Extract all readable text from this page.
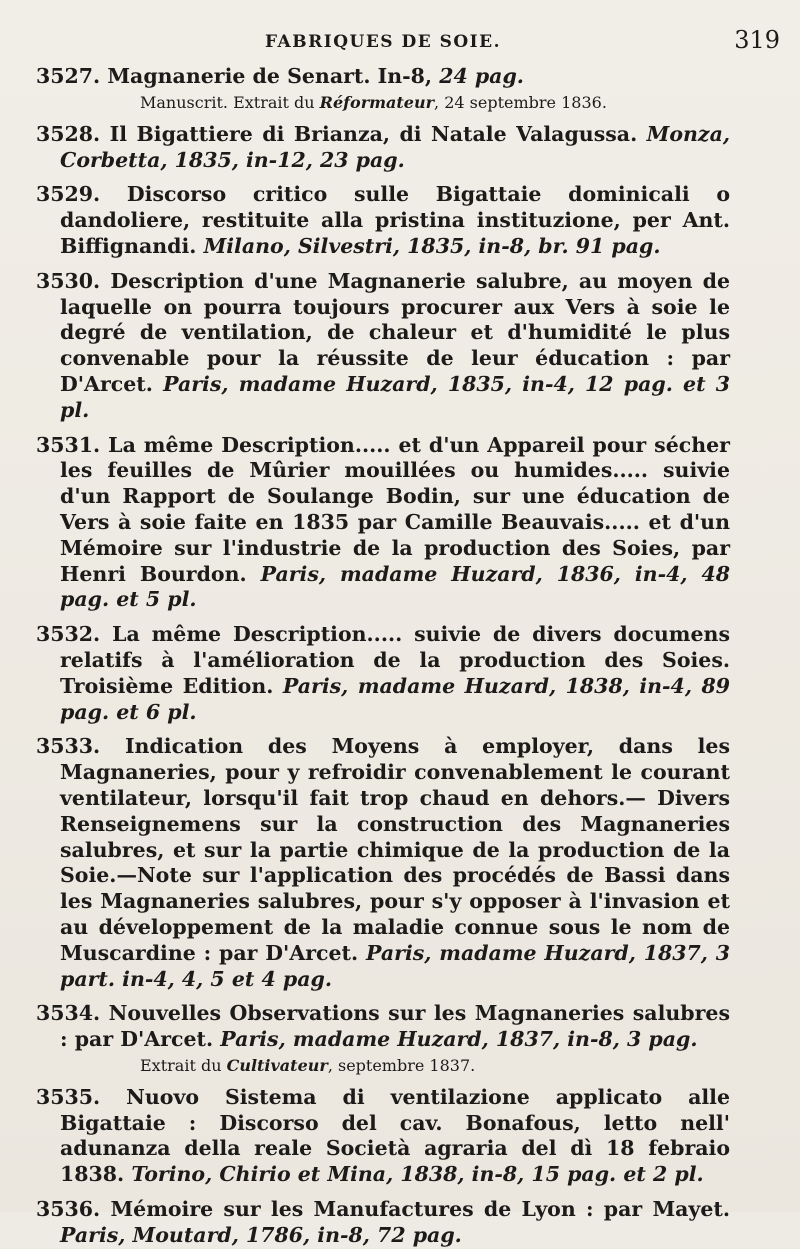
FABRIQUES DE SOIE.	319
3527. Magnanerie de Senart. In-8, 24 pag.
Manuscrit. Extrait du Réformateur, 24 septembre 1836.
3528. Il Bigattiere di Brianza, di Natale Valagussa. Monza, Corbetta, 1835, in-12, 23 pag.
3529. Discorso critico sulle Bigattaie dominicali o dandoliere, restituite alla pristina instituzione, per Ant. Biffignandi. Milano, Silvestri, 1835, in-8, br. 91 pag.
3530. Description d'une Magnanerie salubre, au moyen de laquelle on pourra toujours procurer aux Vers à soie le degré de ventilation, de chaleur et d'humidité le plus convenable pour la réussite de leur éducation : par D'Arcet. Paris, madame Huzard, 1835, in-4, 12 pag. et 3 pl.
3531. La même Description..... et d'un Appareil pour sécher les feuilles de Mûrier mouillées ou humides..... suivie d'un Rapport de Soulange Bodin, sur une éducation de Vers à soie faite en 1835 par Camille Beauvais..... et d'un Mémoire sur l'industrie de la production des Soies, par Henri Bourdon. Paris, madame Huzard, 1836, in-4, 48 pag. et 5 pl.
3532. La même Description..... suivie de divers documens relatifs à l'amélioration de la production des Soies. Troisième Edition. Paris, madame Huzard, 1838, in-4, 89 pag. et 6 pl.
3533. Indication des Moyens à employer, dans les Magnaneries, pour y refroidir convenablement le courant ventilateur, lorsqu'il fait trop chaud en dehors.— Divers Renseignemens sur la construction des Magnaneries salubres, et sur la partie chimique de la production de la Soie.—Note sur l'application des procédés de Bassi dans les Magnaneries salubres, pour s'y opposer à l'invasion et au développement de la maladie connue sous le nom de Muscardine : par D'Arcet. Paris, madame Huzard, 1837, 3 part. in-4, 4, 5 et 4 pag.
3534. Nouvelles Observations sur les Magnaneries salubres : par D'Arcet. Paris, madame Huzard, 1837, in-8, 3 pag.
Extrait du Cultivateur, septembre 1837.
3535. Nuovo Sistema di ventilazione applicato alle Bigattaie : Discorso del cav. Bonafous, letto nell' adunanza della reale Società agraria del dì 18 febraio 1838. Torino, Chirio et Mina, 1838, in-8, 15 pag. et 2 pl.
3536. Mémoire sur les Manufactures de Lyon : par Mayet. Paris, Moutard, 1786, in-8, 72 pag.
